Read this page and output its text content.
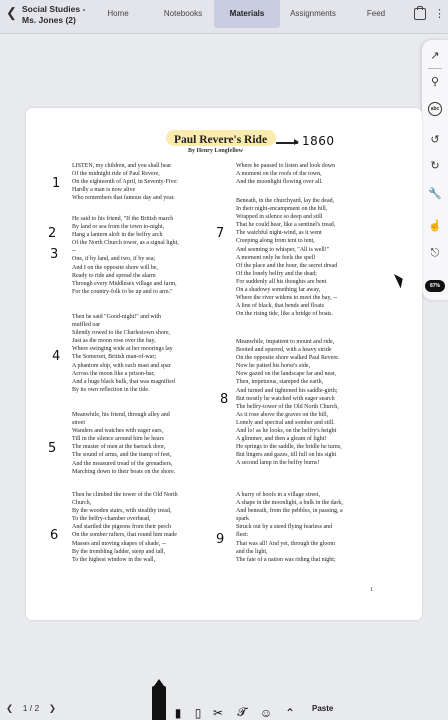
❮ Social Studies - Ms. Jones (2)
Home	Notebooks	Materials	Assignments	Feed	⋮
↗
⚲
abc
↺
↻
🔧
☝
⎋
87%
Paul Revere's Ride
By Henry Longfellow
1860
LISTEN, my children, and you shall hear
Of the midnight ride of Paul Revere,
On the eighteenth of April, in Seventy-Five:
Hardly a man is now alive
Who remembers that famous day and year.
He said to his friend, "If the British march
By land or sea from the town to-night,
Hang a lantern aloft in the belfry arch
Of the North Church tower, as a signal light,
--
One, if by land, and two, if by sea;
And I on the opposite shore will be,
Ready to ride and spread the alarm
Through every Middlesex village and farm,
For the country-folk to be up and to arm."
Then he said "Good-night!" and with
muffled oar
Silently rowed to the Charlestown shore,
Just as the moon rose over the bay,
Where swinging wide at her moorings lay
The Somerset, British man-of-war;
A phantom ship, with each mast and spar
Across the moon like a prison-bar,
And a huge black hulk, that was magnified
By its own reflection in the tide.
Meanwhile, his friend, through alley and
street
Wanders and watches with eager ears,
Till in the silence around him he hears
The muster of men at the barrack door,
The sound of arms, and the tramp of feet,
And the measured tread of the grenadiers,
Marching down to their boats on the shore.
Then he climbed the tower of the Old North
Church,
By the wooden stairs, with stealthy tread,
To the belfry-chamber overhead,
And startled the pigeons from their perch
On the somber rafters, that round him made
Masses and moving shapes of shade, --
By the trembling ladder, steep and tall,
To the highest window in the wall,
Where he paused to listen and look down
A moment on the roofs of the town,
And the moonlight flowing over all.
Beneath, in the churchyard, lay the dead,
In their night-encampment on the hill,
Wrapped in silence so deep and still
That he could hear, like a sentinel's tread,
The watchful night-wind, as it went
Creeping along from tent to tent,
And seeming to whisper, "All is well!"
A moment only he feels the spell
Of the place and the hour, the secret dread
Of the lonely belfry and the dead;
For suddenly all his thoughts are bent
On a shadowy something far away,
Where the river widens to meet the bay, --
A line of black, that bends and floats
On the rising tide, like a bridge of boats.
Meanwhile, impatient to mount and ride,
Booted and spurred, with a heavy stride
On the opposite shore walked Paul Revere.
Now he patted his horse's side,
Now gazed on the landscape far and near,
Then, impetuous, stamped the earth,
And turned and tightened his saddle-girth;
But mostly he watched with eager search
The belfry-tower of the Old North Church,
As it rose above the graves on the hill,
Lonely and spectral and somber and still.
And lo! as he looks, on the belfry's height
A glimmer, and then a gleam of light!
He springs to the saddle, the bridle he turns,
But lingers and gazes, till full on his sight
A second lamp in the belfry burns!
A hurry of hoofs in a village street,
A shape in the moonlight, a bulk in the dark,
And beneath, from the pebbles, in passing, a
spark
Struck out by a steed flying fearless and
fleet:
That was all! And yet, through the gloom
and the light,
The fate of a nation was riding that night;
1
2
3
4
5
6
7
8
9
1
❮ 1 / 2 ❯	▮	▯ ✂ 𝓣 ☺ ⌃	Paste
